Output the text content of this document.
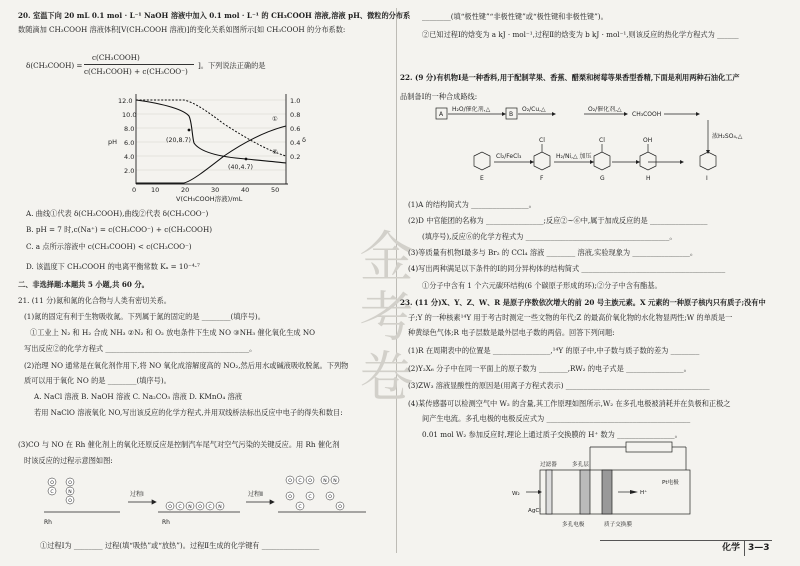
金考卷
20. 室温下向 20 mL 0.1 mol · L⁻¹ NaOH 溶液中加入 0.1 mol · L⁻¹ 的 CH₃COOH 溶液,溶液 pH、微粒的分布系
数随滴加 CH₃COOH 溶液体积[V(CH₃COOH 溶液)]的变化关系如图所示[如 CH₃COOH 的分布系数:
δ(CH₃COOH) =
c(CH₃COOH)
c(CH₃COOH) + c(CH₃COO⁻)
]。下列说法正确的是
12.0
10.0
8.0
6.0
4.0
2.0
1.0
0.8
0.6
0.4
0.2
0 10	20	30	40	50
pH	δ
V(CH₃COOH溶液)/mL
(20,8.7)
(40,4.7)
①
②
A. 曲线①代表 δ(CH₃COOH),曲线②代表 δ(CH₃COO⁻)
B. pH = 7 时,c(Na⁺) = c(CH₃COO⁻) + c(CH₃COOH)
C. a 点所示溶液中 c(CH₃COOH) < c(CH₃COO⁻)
D. 该温度下 CH₃COOH 的电离平衡常数 Kₐ = 10⁻⁴·⁷
二、非选择题:本题共 5 小题,共 60 分。
21. (11 分)氮和氮的化合物与人类有密切关系。
(1)氮的固定有利于生物吸收氮。下列属于氮的固定的是 ________(填序号)。
①工业上 N₂ 和 H₂ 合成 NH₃ ②N₂ 和 O₂ 放电条件下生成 NO ③NH₃ 催化氧化生成 NO
写出反应②的化学方程式 ________________________________________。
(2)治理 NO 通常是在氧化剂作用下,将 NO 氧化成溶解度高的 NO₂,然后用水或碱液吸收脱氮。下列物
质可以用于氧化 NO 的是 ________(填序号)。
A. NaCl 溶液 B. NaOH 溶液 C. Na₂CO₃ 溶液 D. KMnO₄ 溶液
若用 NaClO 溶液氧化 NO,写出该反应的化学方程式,并用双线桥法标出反应中电子的得失和数目:
(3)CO 与 NO 在 Rh 催化剂上的氧化还原反应是控制汽车尾气对空气污染的关键反应。用 Rh 催化剂
时该反应的过程示意图如图:
O
C
O
N
O
O C N O C N
O C O N N
O	C	O
C	O
过程Ⅰ	过程Ⅱ
Rh	Rh
①过程Ⅰ为 ________ 过程(填“吸热”或“放热”)。过程Ⅱ生成的化学键有 ________________
________(填“极性键”“非极性键”或“极性键和非极性键”)。
②已知过程Ⅰ的焓变为 a kJ · mol⁻¹,过程Ⅱ的焓变为 b kJ · mol⁻¹,则该反应的热化学方程式为 ______
22. (9 分)有机物Ⅰ是一种香料,用于配制苹果、香蕉、醋栗和树莓等果香型香精,下面是利用两种石油化工产
品制备Ⅰ的一种合成路线:
A	B
H₂O/催化剂,△	O₂/Cu,△	O₂/催化剂,△
CH₃COOH
浓H₂SO₄,△
Cl₂/FeCl₃	H₂/Ni,△ 加压
E	F	G	H	I
Cl	Cl	OH
(1)A 的结构简式为 ________________。
(2)D 中官能团的名称为 ________________;反应②~⑥中,属于加成反应的是 ________________
(填序号),反应⑥的化学方程式为 ________________________________________。
(3)等质量有机物Ⅰ最多与 Br₂ 的 CCl₄ 溶液 ________ 溶液,实验现象为 ________________。
(4)写出两种满足以下条件的Ⅰ的同分异构体的结构简式 ________________________________________
①分子中含有 1 个六元碳环结构(6 个碳原子形成的环);②分子中含有酯基。
23. (11 分)X、Y、Z、W、R 是原子序数依次增大的前 20 号主族元素。X 元素的一种原子核内只有质子;没有中
子;Y 的一种核素¹⁴Y 用于考古时测定一些文物的年代;Z 的最高价氧化物的水化物显两性;W 的单质是一
种黄绿色气体;R 电子层数是最外层电子数的两倍。回答下列问题:
(1)R 在周期表中的位置是 ________________,¹⁴Y 的原子中,中子数与质子数的差为 ________
(2)Y₂X₆ 分子中在同一平面上的原子数为 ________,RW₂ 的电子式是 ________________。
(3)ZW₃ 溶液显酸性的原因是(用离子方程式表示) ________________________________________
(4)某传感器可以检测空气中 W₂ 的含量,其工作原理如图所示,W₂ 在多孔电极被消耗并在负极和正极之
间产生电流。多孔电极的电极反应式为 ________________________________________
0.01 mol W₂ 参加反应时,理论上通过质子交换膜的 H⁺ 数为 ________________。
过滤器	多孔层
W₂	H⁺
Pt电极
AgCl
多孔电极	质子交换膜
化学 3—3
